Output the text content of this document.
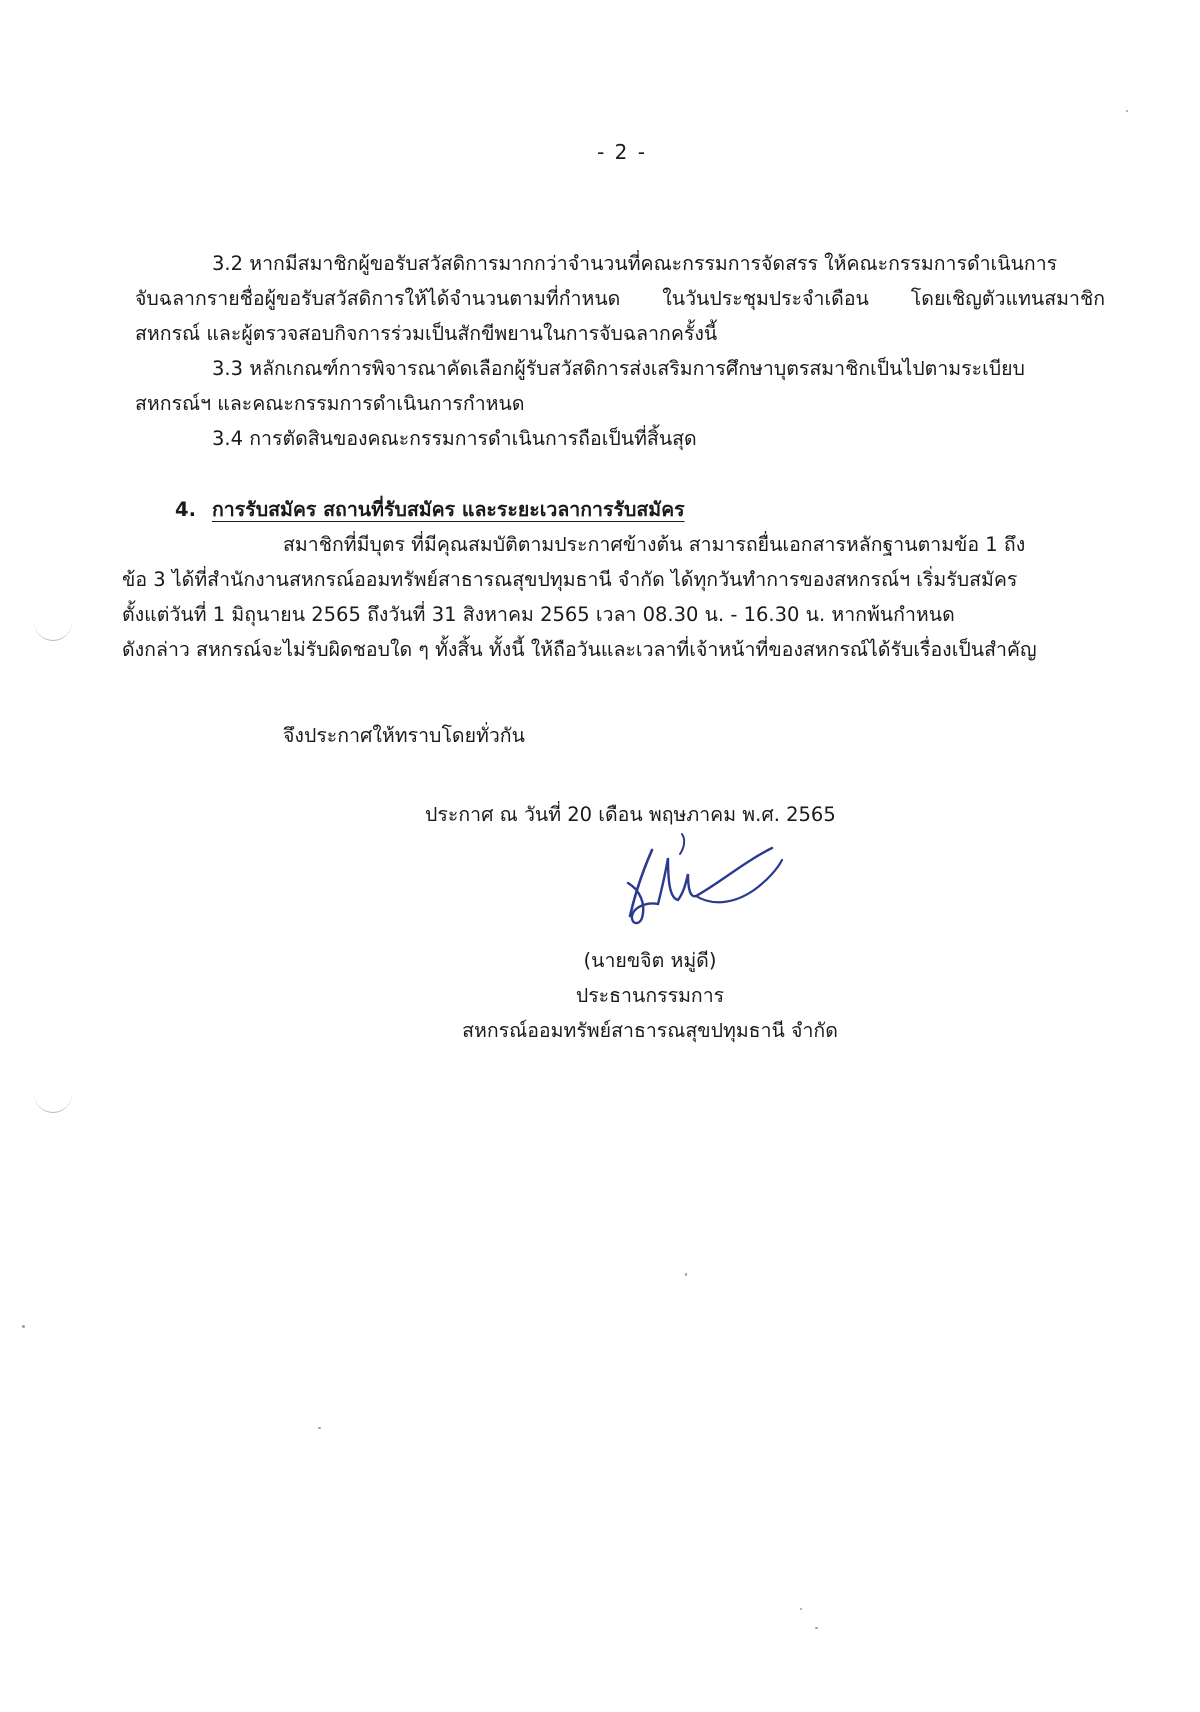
- 2 -
3.2 หากมีสมาชิกผู้ขอรับสวัสดิการมากกว่าจำนวนที่คณะกรรมการจัดสรร ให้คณะกรรมการดำเนินการ
จับฉลากรายชื่อผู้ขอรับสวัสดิการให้ได้จำนวนตามที่กำหนด ในวันประชุมประจำเดือน โดยเชิญตัวแทนสมาชิก
สหกรณ์ และผู้ตรวจสอบกิจการร่วมเป็นสักขีพยานในการจับฉลากครั้งนี้
3.3 หลักเกณฑ์การพิจารณาคัดเลือกผู้รับสวัสดิการส่งเสริมการศึกษาบุตรสมาชิกเป็นไปตามระเบียบ
สหกรณ์ฯ และคณะกรรมการดำเนินการกำหนด
3.4 การตัดสินของคณะกรรมการดำเนินการถือเป็นที่สิ้นสุด
4. การรับสมัคร สถานที่รับสมัคร และระยะเวลาการรับสมัคร
สมาชิกที่มีบุตร ที่มีคุณสมบัติตามประกาศข้างต้น สามารถยื่นเอกสารหลักฐานตามข้อ 1 ถึง
ข้อ 3 ได้ที่สำนักงานสหกรณ์ออมทรัพย์สาธารณสุขปทุมธานี จำกัด ได้ทุกวันทำการของสหกรณ์ฯ เริ่มรับสมัคร
ตั้งแต่วันที่ 1 มิถุนายน 2565 ถึงวันที่ 31 สิงหาคม 2565 เวลา 08.30 น. - 16.30 น. หากพ้นกำหนด
ดังกล่าว สหกรณ์จะไม่รับผิดชอบใด ๆ ทั้งสิ้น ทั้งนี้ ให้ถือวันและเวลาที่เจ้าหน้าที่ของสหกรณ์ได้รับเรื่องเป็นสำคัญ
จึงประกาศให้ทราบโดยทั่วกัน
ประกาศ ณ วันที่ 20 เดือน พฤษภาคม พ.ศ. 2565
(นายขจิต หมู่ดี)
ประธานกรรมการ
สหกรณ์ออมทรัพย์สาธารณสุขปทุมธานี จำกัด
